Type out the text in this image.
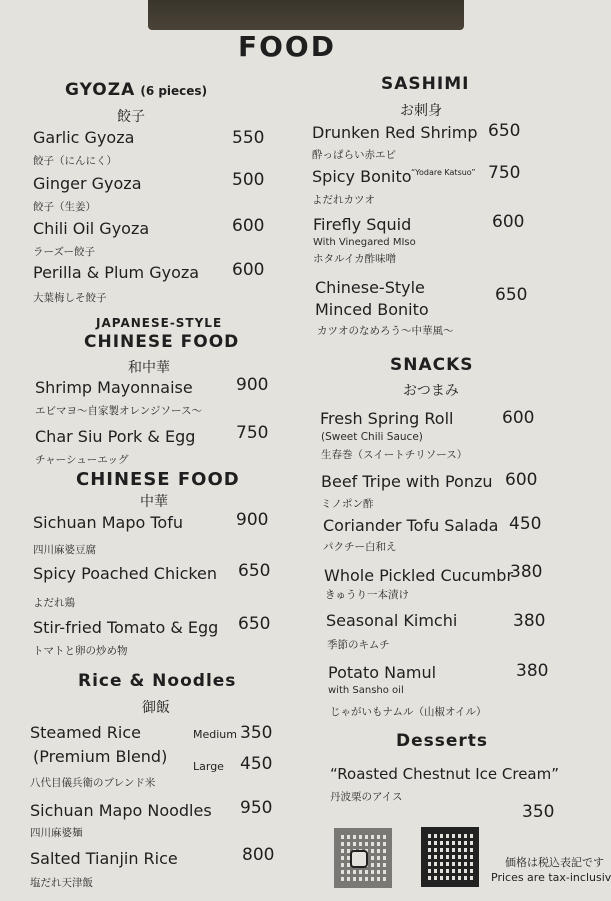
FOOD
GYOZA (6 pieces)
餃子
Garlic Gyoza	550
餃子（にんにく）
Ginger Gyoza	500
餃子（生姜）
Chili Oil Gyoza	600
ラーズー餃子
Perilla & Plum Gyoza 600
大葉梅しそ餃子
JAPANESE-STYLE
CHINESE FOOD
和中華
Shrimp Mayonnaise	900
エビマヨ〜自家製オレンジソース〜
Char Siu Pork & Egg 750
チャーシューエッグ
CHINESE FOOD
中華
Sichuan Mapo Tofu	900
四川麻婆豆腐
Spicy Poached Chicken 650
よだれ鶏
Stir-fried Tomato & Egg 650
トマトと卵の炒め物
Rice & Noodles
御飯
Steamed Rice	Medium 350
(Premium Blend)
Large 450
八代目儀兵衛のブレンド米
Sichuan Mapo Noodles 950
四川麻婆麺
Salted Tianjin Rice	800
塩だれ天津飯
SASHIMI
お刺身
Drunken Red Shrimp 650
酔っぱらい赤エビ
Spicy Bonito “Yodare Katsuo” 750
よだれカツオ
Firefly Squid	600
With Vinegared MIso
ホタルイカ酢味噌
Chinese-Style
Minced Bonito
650
カツオのなめろう〜中華風〜
SNACKS
おつまみ
Fresh Spring Roll	600
(Sweet Chili Sauce)
生春巻（スイートチリソース）
Beef Tripe with Ponzu 600
ミノポン酢
Coriander Tofu Salada 450
パクチー白和え
Whole Pickled Cucumbr
380
きゅうり一本漬け
Seasonal Kimchi	380
季節のキムチ
Potato Namul	380
with Sansho oil
じゃがいもナムル（山椒オイル）
Desserts
“Roasted Chestnut Ice Cream”
丹波栗のアイス
350
価格は税込表記です
Prices are tax-inclusiv
